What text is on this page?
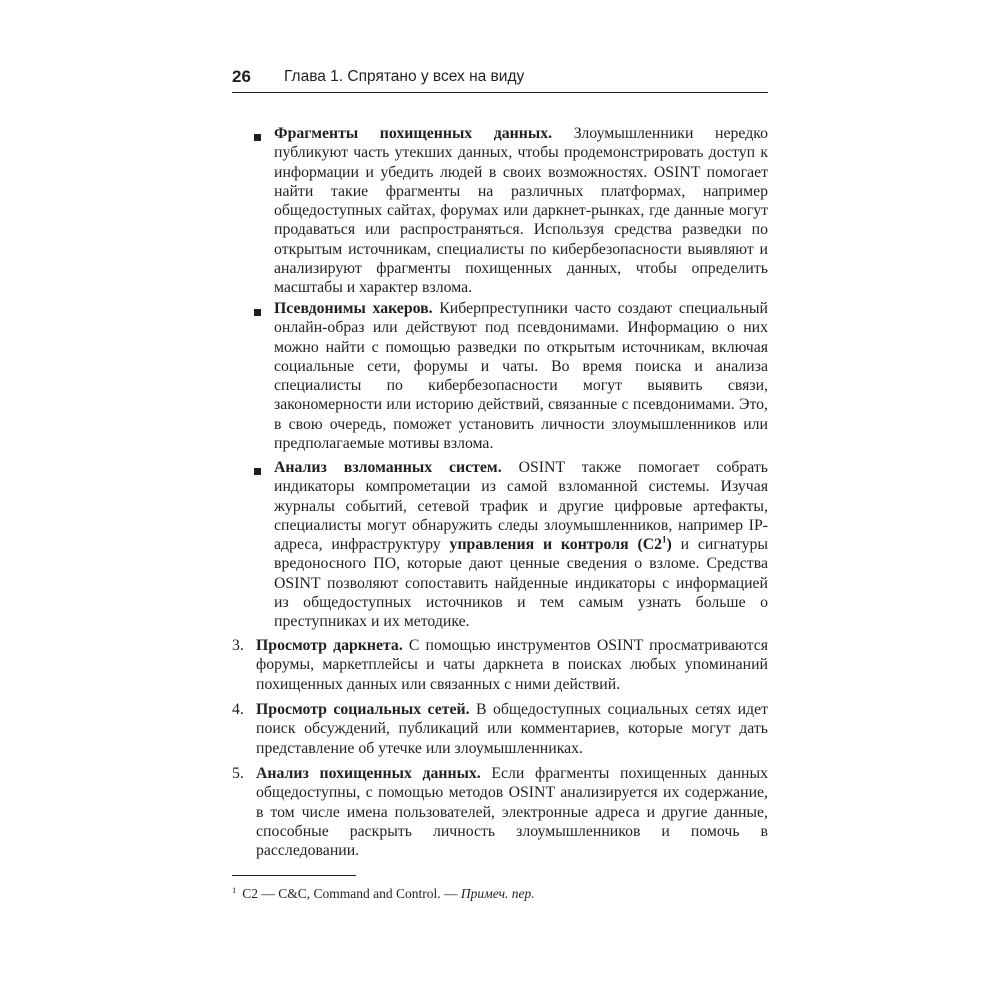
26 Глава 1. Спрятано у всех на виду

Фрагменты похищенных данных. Злоумышленники нередко публикуют часть утекших данных, чтобы продемонстрировать доступ к информации и убедить людей в своих возможностях. OSINT помогает найти такие фрагменты на различных платформах, например общедоступных сайтах, форумах или даркнет-рынках, где данные могут продаваться или распространяться. Используя средства разведки по открытым источникам, специалисты по кибербезопасности выявляют и анализируют фрагменты похищенных данных, чтобы определить масштабы и характер взлома.

Псевдонимы хакеров. Киберпреступники часто создают специальный онлайн-образ или действуют под псевдонимами. Информацию о них можно найти с помощью разведки по открытым источникам, включая социальные сети, форумы и чаты. Во время поиска и анализа специалисты по кибербезопасности могут выявить связи, закономерности или историю действий, связанные с псевдонимами. Это, в свою очередь, поможет установить личности злоумышленников или предполагаемые мотивы взлома.

Анализ взломанных систем. OSINT также помогает собрать индикаторы компрометации из самой взломанной системы. Изучая журналы событий, сетевой трафик и другие цифровые артефакты, специалисты могут обнаружить следы злоумышленников, например IP-адреса, инфраструктуру управления и контроля $(C2^1)$ и сигнатуры вредоносного ПО, которые дают ценные сведения о взломе. Средства OSINT позволяют сопоставить найденные индикаторы с информацией из общедоступных источников и тем самым узнать больше о преступниках и их методике.

3. Просмотр даркнета. С помощью инструментов OSINT просматриваются форумы, маркетплейсы и чаты даркнета в поисках любых упоминаний похищенных данных или связанных с ними действий.

4. Просмотр социальных сетей. В общедоступных социальных сетях идет поиск обсуждений, публикаций или комментариев, которые могут дать представление об утечке или злоумышленниках.

5. Анализ похищенных данных. Если фрагменты похищенных данных общедоступны, с помощью методов OSINT анализируется их содержание, в том числе имена пользователей, электронные адреса и другие данные, способные раскрыть личность злоумышленников и помочь в расследовании.

$^1$ C2 — C&C, Command and Control. — Примеч. пер.
